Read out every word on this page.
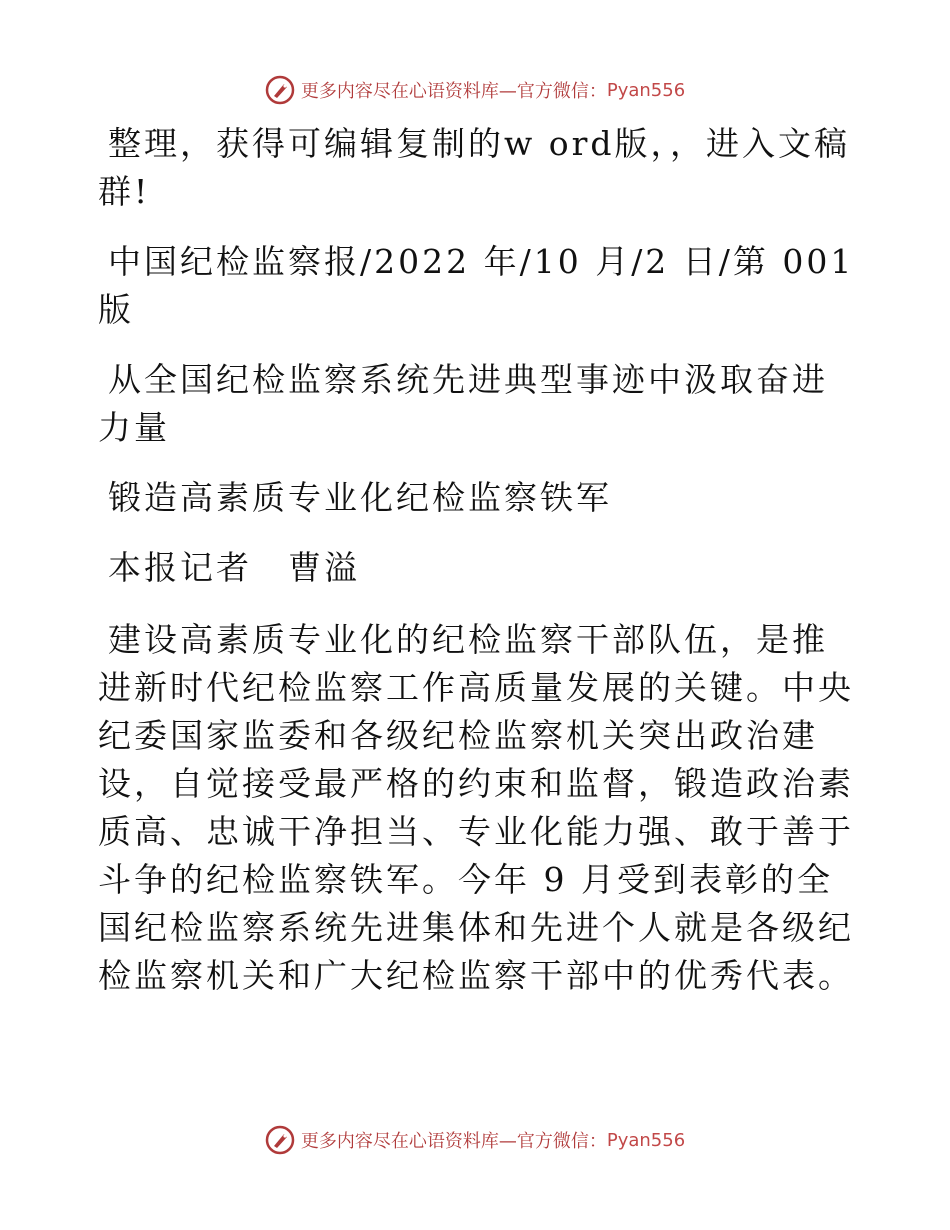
更多内容尽在心语资料库—官方微信： Pyan556

整理，获得可编辑复制的w ord版，，进入文稿群!

中国纪检监察报/2022 年/10 月/2 日/第 001 版

从全国纪检监察系统先进典型事迹中汲取奋进力量

锻造高素质专业化纪检监察铁军

本报记者　曹溢

建设高素质专业化的纪检监察干部队伍，是推进新时代纪检监察工作高质量发展的关键。中央纪委国家监委和各级纪检监察机关突出政治建设，自觉接受最严格的约束和监督，锻造政治素质高、忠诚干净担当、专业化能力强、敢于善于斗争的纪检监察铁军。今年 9 月受到表彰的全国纪检监察系统先进集体和先进个人就是各级纪检监察机关和广大纪检监察干部中的优秀代表。

更多内容尽在心语资料库—官方微信： Pyan556
